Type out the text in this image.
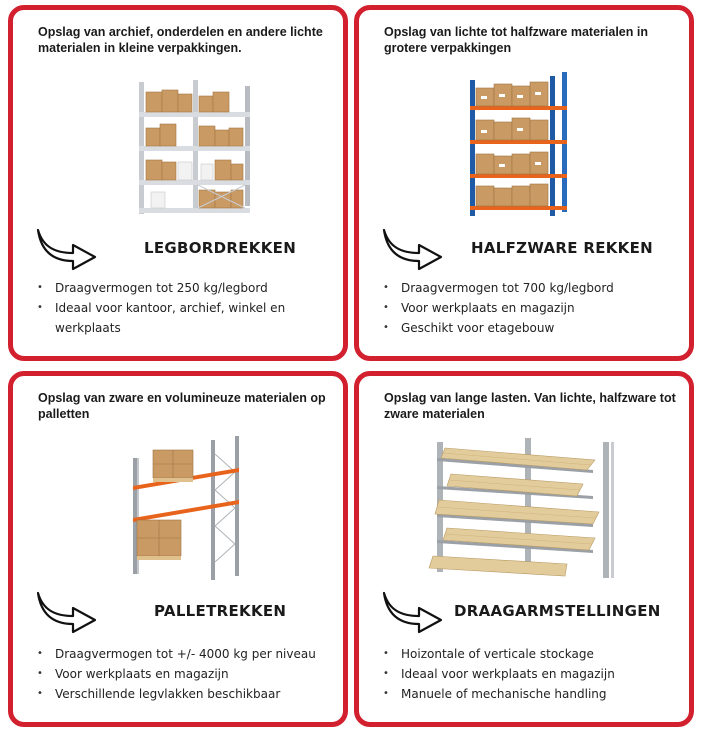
Opslag van archief, onderdelen en andere lichte materialen in kleine verpakkingen.
LEGBORDREKKEN
• Draagvermogen tot 250 kg/legbord
• Ideaal voor kantoor, archief, winkel en werkplaats
Opslag van lichte tot halfzware materialen in grotere verpakkingen
HALFZWARE REKKEN
• Draagvermogen tot 700 kg/legbord
• Voor werkplaats en magazijn
• Geschikt voor etagebouw
Opslag van zware en volumineuze materialen op palletten
PALLETREKKEN
• Draagvermogen tot +/- 4000 kg per niveau
• Voor werkplaats en magazijn
• Verschillende legvlakken beschikbaar
Opslag van lange lasten. Van lichte, halfzware tot zware materialen
DRAAGARMSTELLINGEN
• Hoizontale of verticale stockage
• Ideaal voor werkplaats en magazijn
• Manuele of mechanische handling
